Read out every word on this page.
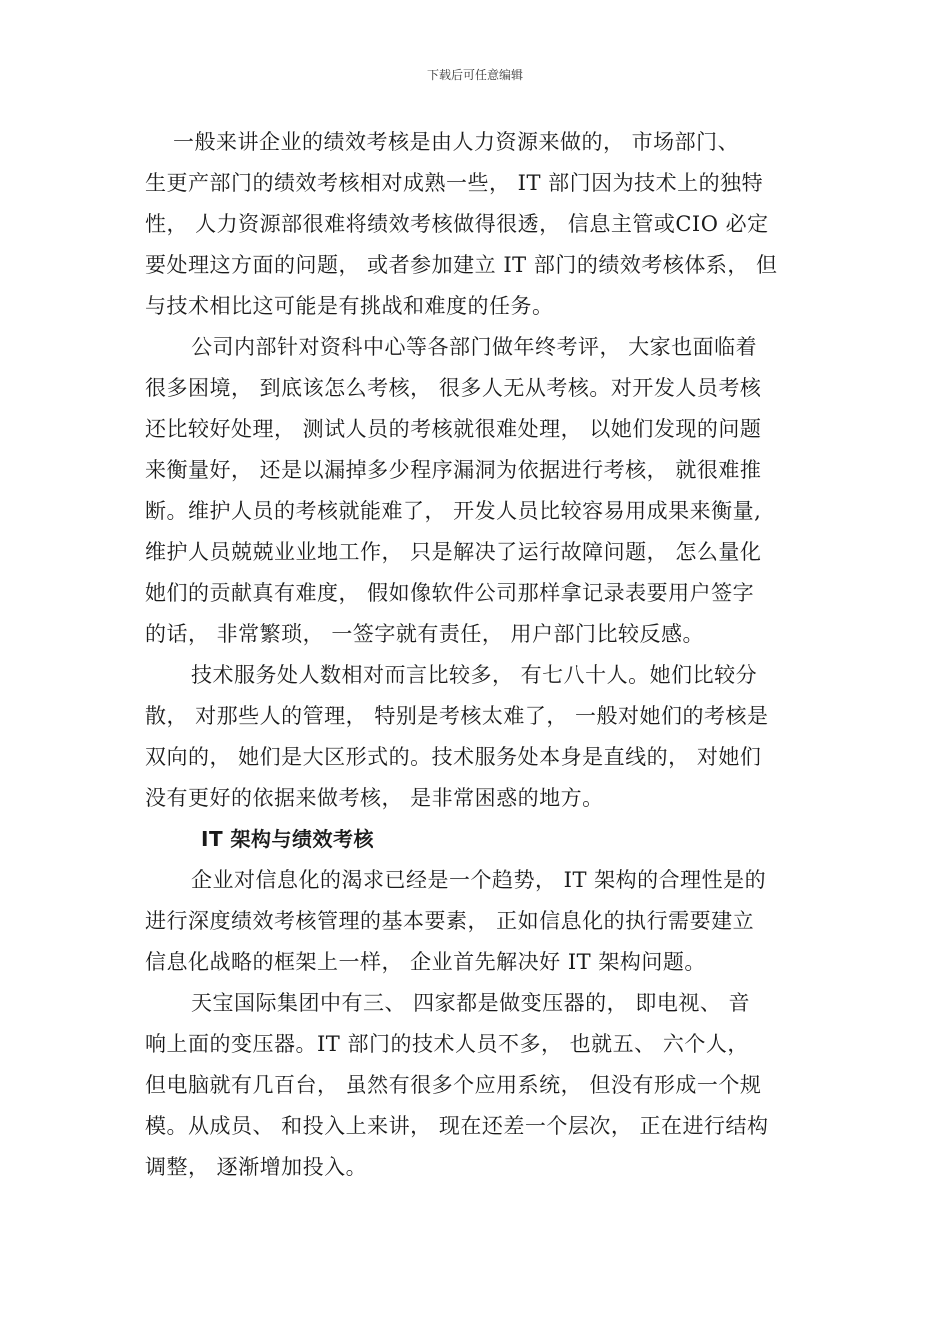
下载后可任意编辑

一般来讲企业的绩效考核是由人力资源来做的， 市场部门、

生更产部门的绩效考核相对成熟一些， IT 部门因为技术上的独特

性， 人力资源部很难将绩效考核做得很透， 信息主管或CIO 必定

要处理这方面的问题， 或者参加建立 IT 部门的绩效考核体系， 但

与技术相比这可能是有挑战和难度的任务。

公司内部针对资科中心等各部门做年终考评， 大家也面临着

很多困境， 到底该怎么考核， 很多人无从考核。对开发人员考核

还比较好处理， 测试人员的考核就很难处理， 以她们发现的问题

来衡量好， 还是以漏掉多少程序漏洞为依据进行考核， 就很难推

断。维护人员的考核就能难了， 开发人员比较容易用成果来衡量,

维护人员兢兢业业地工作， 只是解决了运行故障问题， 怎么量化

她们的贡献真有难度， 假如像软件公司那样拿记录表要用户签字

的话， 非常繁琐， 一签字就有责任， 用户部门比较反感。

技术服务处人数相对而言比较多， 有七八十人。她们比较分

散， 对那些人的管理， 特别是考核太难了， 一般对她们的考核是

双向的， 她们是大区形式的。技术服务处本身是直线的， 对她们

没有更好的依据来做考核， 是非常困惑的地方。

IT 架构与绩效考核

企业对信息化的渴求已经是一个趋势， IT 架构的合理性是的

进行深度绩效考核管理的基本要素， 正如信息化的执行需要建立

信息化战略的框架上一样， 企业首先解决好 IT 架构问题。

天宝国际集团中有三、 四家都是做变压器的， 即电视、 音

响上面的变压器。IT 部门的技术人员不多， 也就五、 六个人，

但电脑就有几百台， 虽然有很多个应用系统， 但没有形成一个规

模。从成员、 和投入上来讲， 现在还差一个层次， 正在进行结构

调整， 逐渐增加投入。
